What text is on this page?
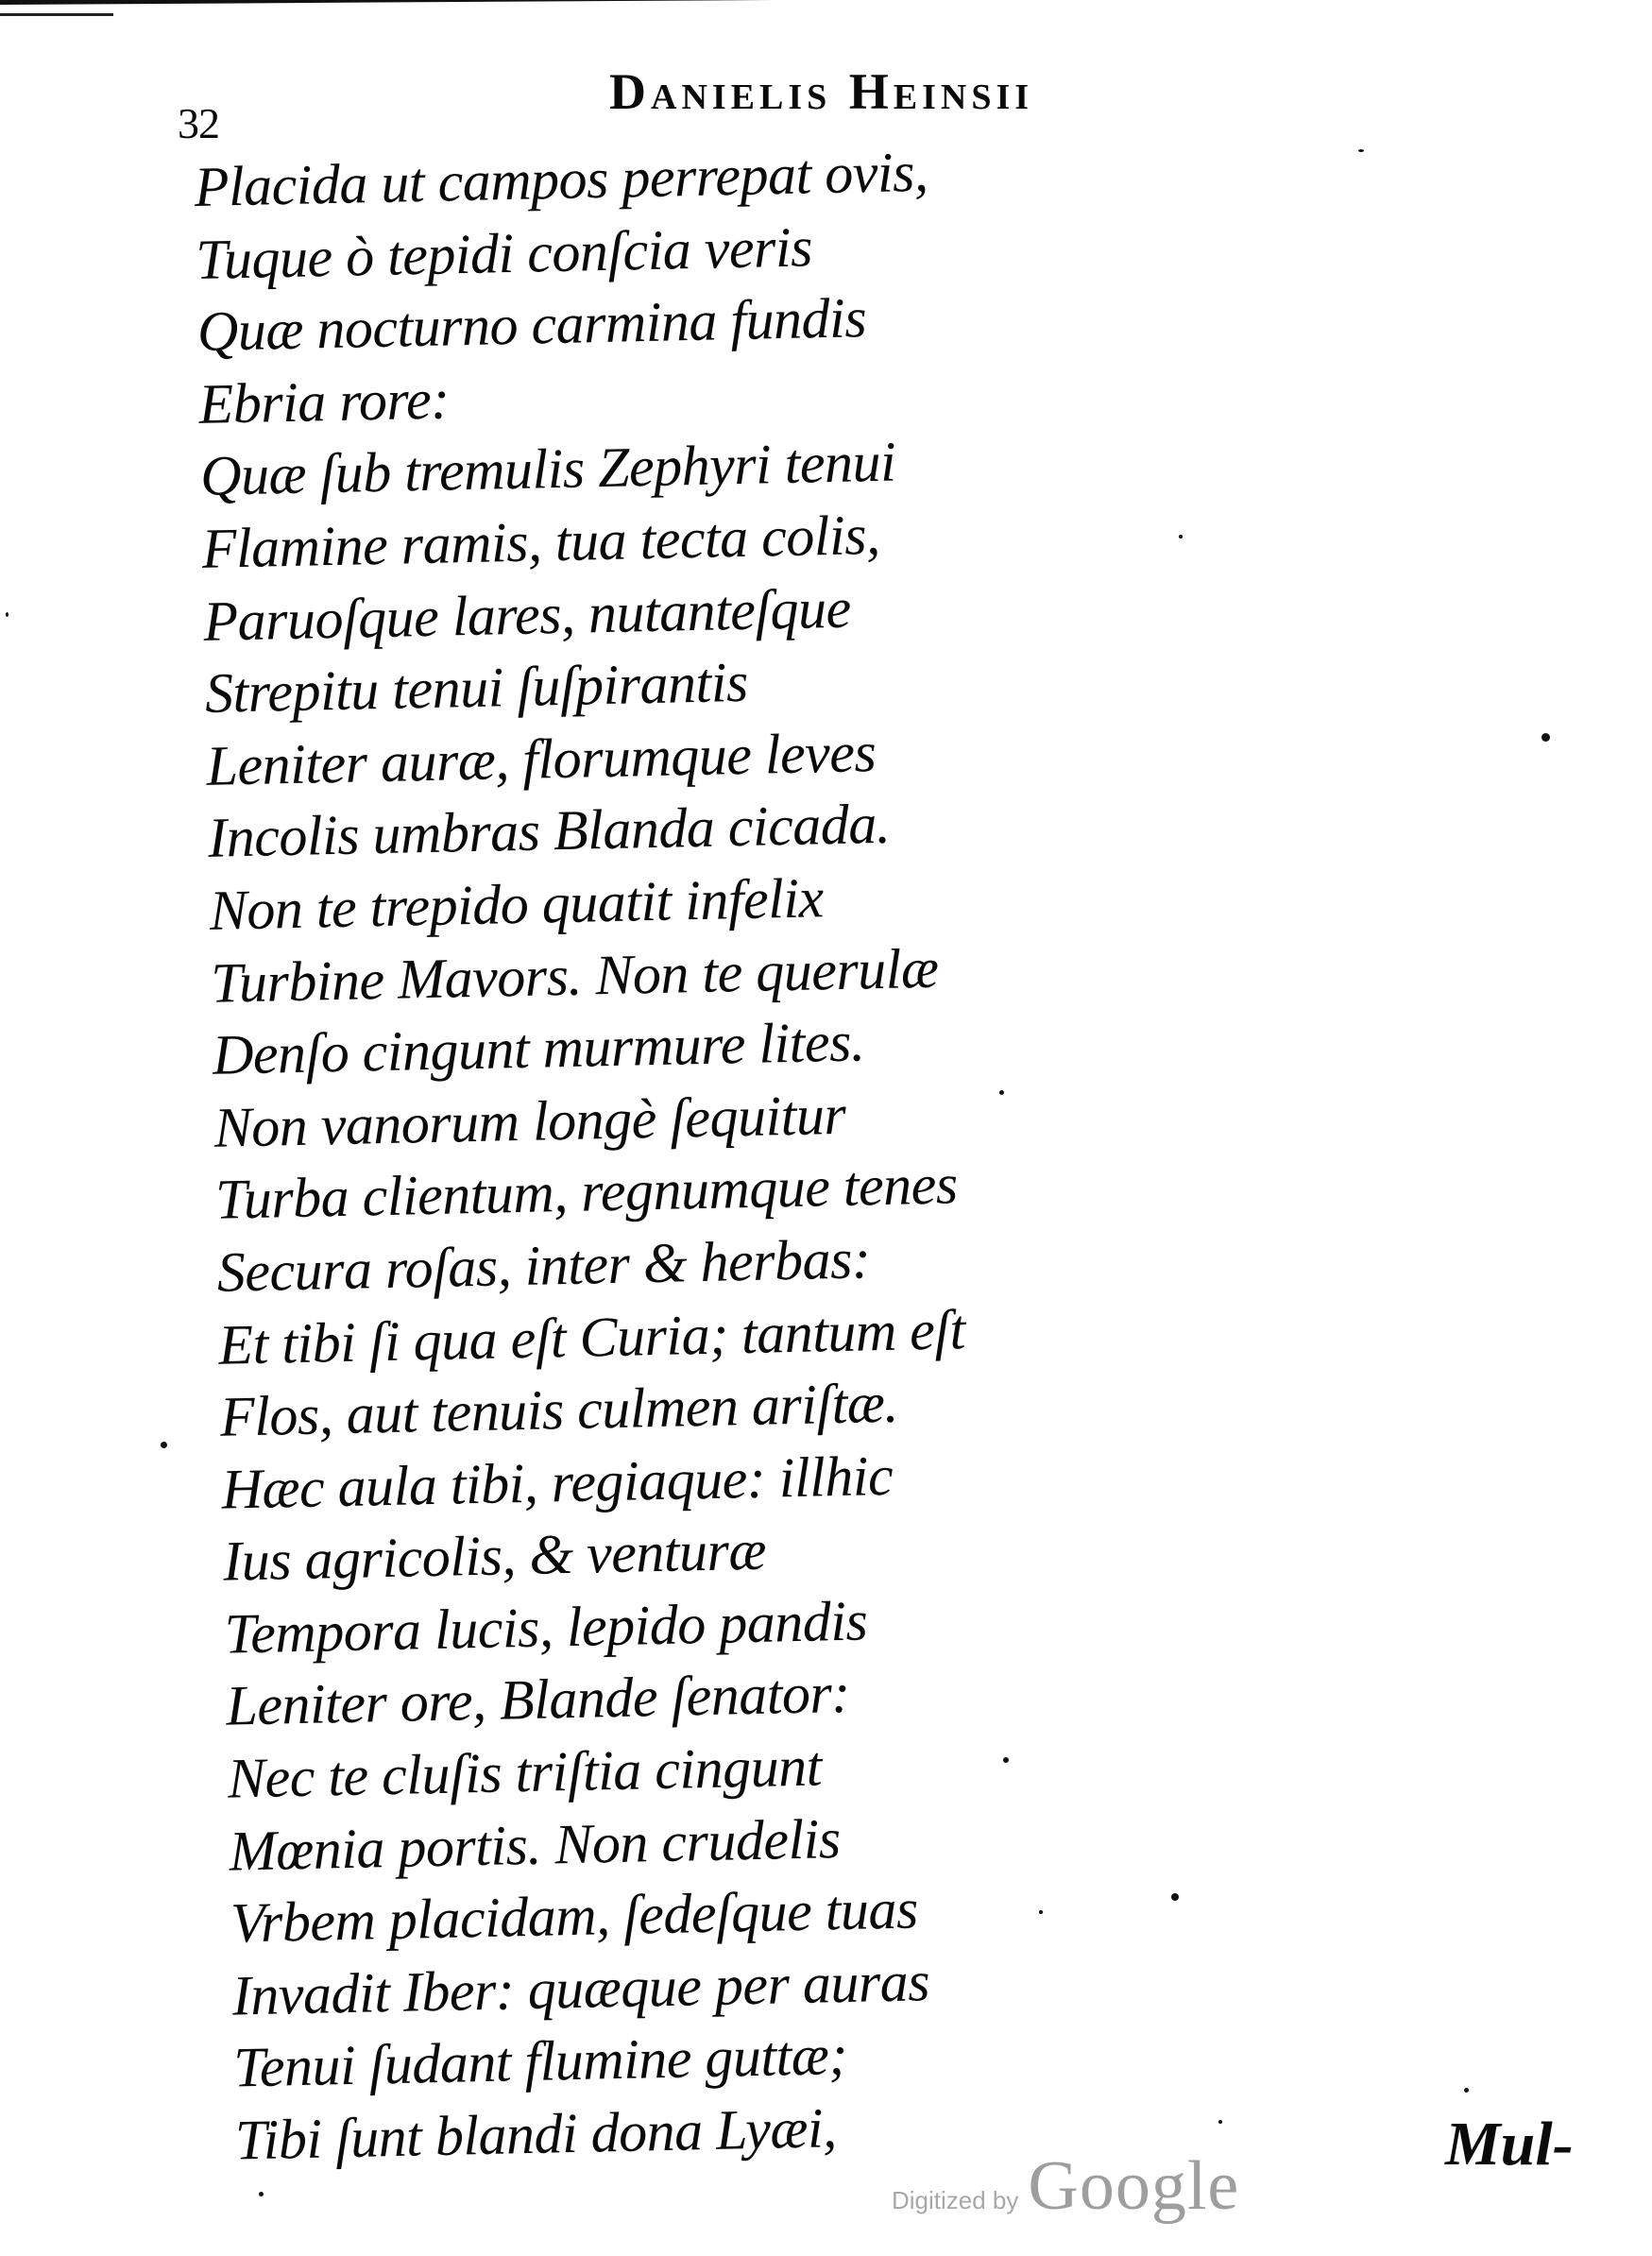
32
Danielis Heinsii
Placida ut campos perrepat ovis,
Tuque ò tepidi conſcia veris
Quæ nocturno carmina fundis
Ebria rore:
Quæ ſub tremulis Zephyri tenui
Flamine ramis, tua tecta colis,
Paruoſque lares, nutanteſque
Strepitu tenui ſuſpirantis
Leniter auræ, florumque leves
Incolis umbras Blanda cicada.
Non te trepido quatit infelix
Turbine Mavors. Non te querulæ
Denſo cingunt murmure lites.
Non vanorum longè ſequitur
Turba clientum, regnumque tenes
Secura roſas, inter & herbas:
Et tibi ſi qua eſt Curia; tantum eſt
Flos, aut tenuis culmen ariſtæ.
Hæc aula tibi, regiaque: illhic
Ius agricolis, & venturæ
Tempora lucis, lepido pandis
Leniter ore, Blande ſenator:
Nec te cluſis triſtia cingunt
Mœnia portis. Non crudelis
Vrbem placidam, ſedeſque tuas
Invadit Iber: quæque per auras
Tenui ſudant flumine guttæ;
Tibi ſunt blandi dona Lyæi,	Mul-
Digitized by Google
